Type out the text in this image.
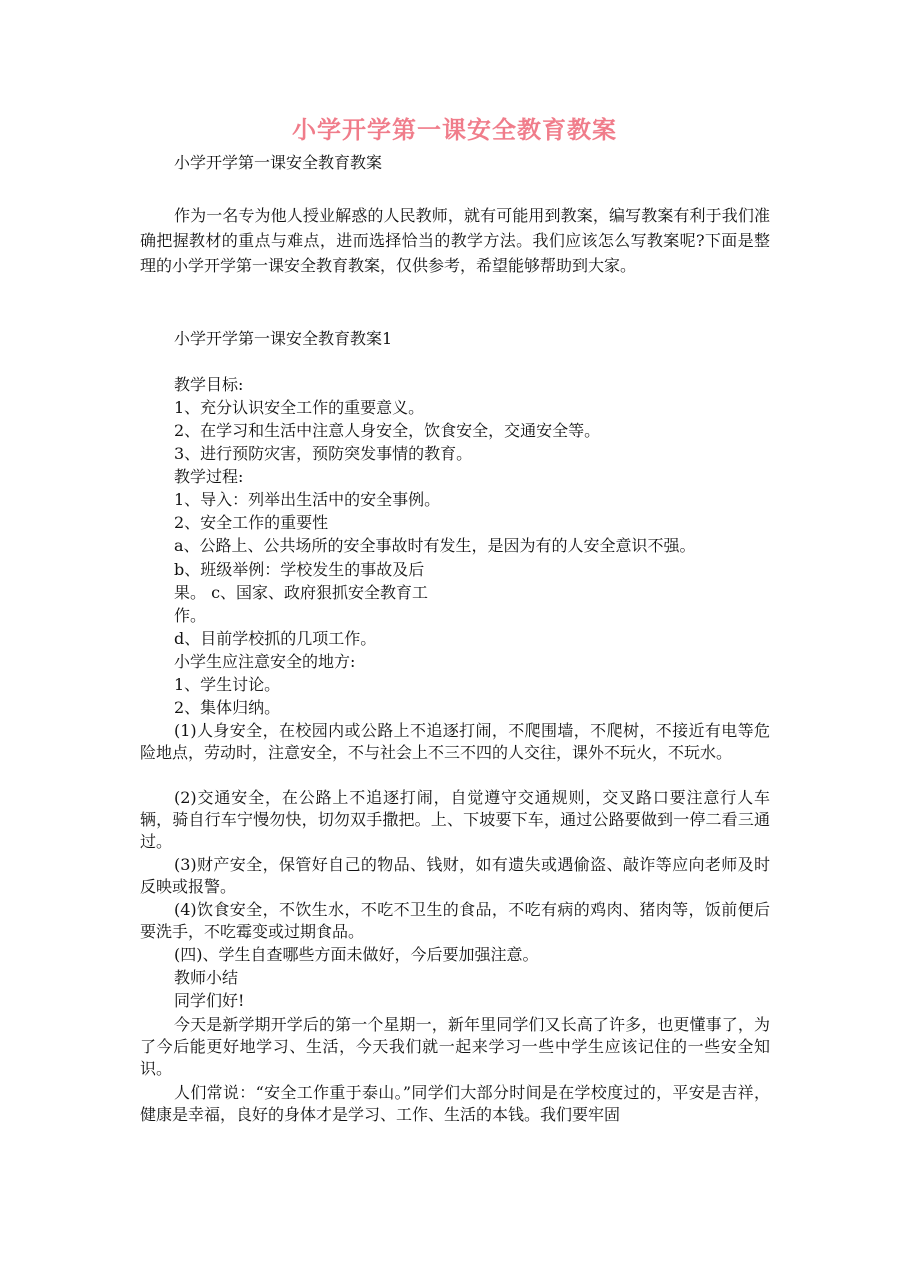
小学开学第一课安全教育教案
小学开学第一课安全教育教案
作为一名专为他人授业解惑的人民教师，就有可能用到教案，编写教案有利于我们准确把握教材的重点与难点，进而选择恰当的教学方法。我们应该怎么写教案呢?下面是整理的小学开学第一课安全教育教案，仅供参考，希望能够帮助到大家。
小学开学第一课安全教育教案1
教学目标:
1、充分认识安全工作的重要意义。
2、在学习和生活中注意人身安全，饮食安全，交通安全等。
3、进行预防灾害，预防突发事情的教育。
教学过程:
1、导入：列举出生活中的安全事例。
2、安全工作的重要性
a、公路上、公共场所的安全事故时有发生，是因为有的人安全意识不强。
b、班级举例：学校发生的事故及后
果。 c、国家、政府狠抓安全教育工
作。
d、目前学校抓的几项工作。
小学生应注意安全的地方:
1、学生讨论。
2、集体归纳。
(1)人身安全，在校园内或公路上不追逐打闹，不爬围墙，不爬树，不接近有电等危险地点，劳动时，注意安全，不与社会上不三不四的人交往，课外不玩火，不玩水。
(2)交通安全，在公路上不追逐打闹，自觉遵守交通规则，交叉路口要注意行人车辆，骑自行车宁慢勿快，切勿双手撒把。上、下坡要下车，通过公路要做到一停二看三通过。
(3)财产安全，保管好自己的物品、钱财，如有遗失或遇偷盗、敲诈等应向老师及时反映或报警。
(4)饮食安全，不饮生水，不吃不卫生的食品，不吃有病的鸡肉、猪肉等，饭前便后要洗手，不吃霉变或过期食品。
(四)、学生自查哪些方面未做好，今后要加强注意。
教师小结
同学们好!
今天是新学期开学后的第一个星期一，新年里同学们又长高了许多，也更懂事了，为了今后能更好地学习、生活，今天我们就一起来学习一些中学生应该记住的一些安全知识。
人们常说：“安全工作重于泰山。”同学们大部分时间是在学校度过的，平安是吉祥，健康是幸福，良好的身体才是学习、工作、生活的本钱。我们要牢固
